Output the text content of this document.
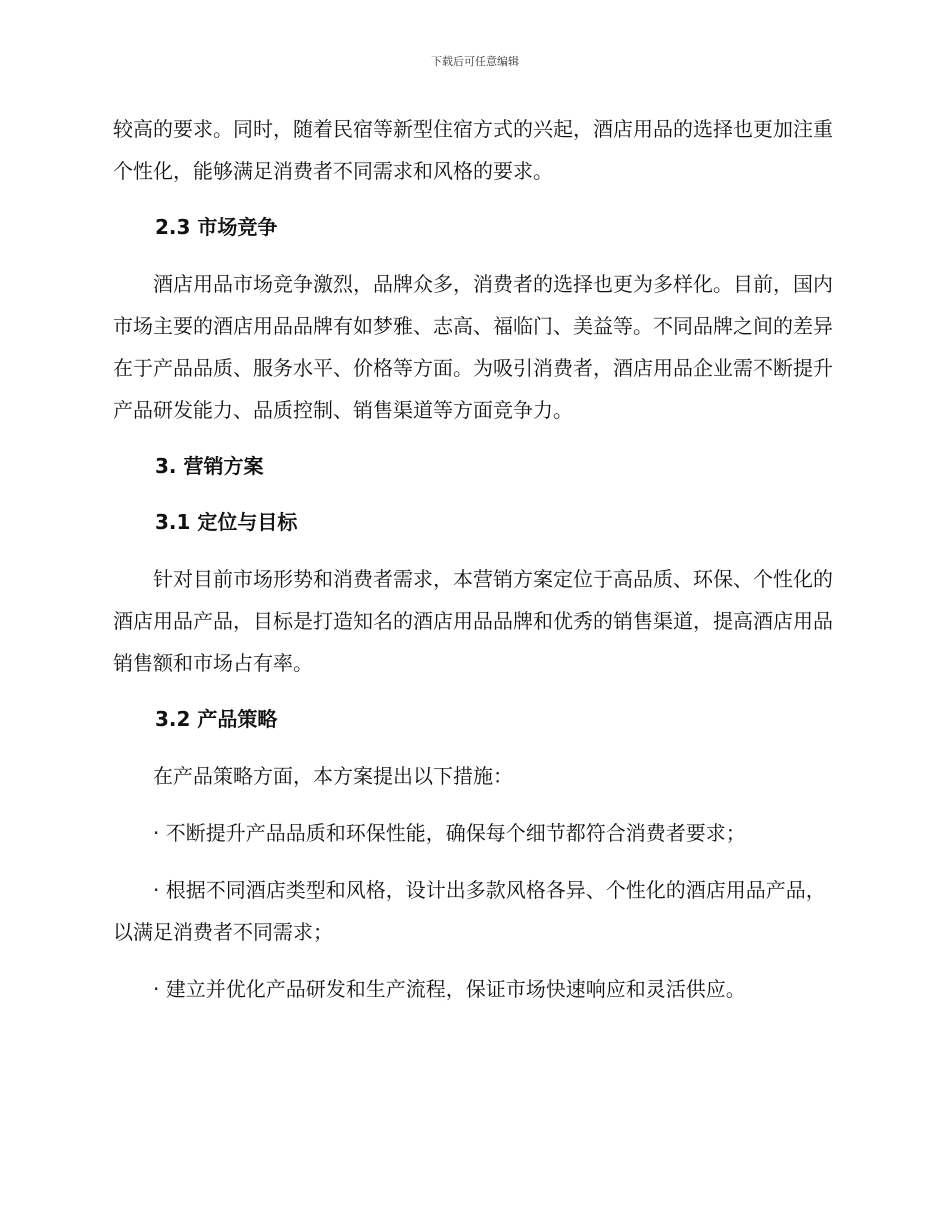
下载后可任意编辑

较高的要求。同时，随着民宿等新型住宿方式的兴起，酒店用品的选择也更加注重个性化，能够满足消费者不同需求和风格的要求。

2.3 市场竞争

酒店用品市场竞争激烈，品牌众多，消费者的选择也更为多样化。目前，国内市场主要的酒店用品品牌有如梦雅、志高、福临门、美益等。不同品牌之间的差异在于产品品质、服务水平、价格等方面。为吸引消费者，酒店用品企业需不断提升产品研发能力、品质控制、销售渠道等方面竞争力。

3. 营销方案

3.1 定位与目标

针对目前市场形势和消费者需求，本营销方案定位于高品质、环保、个性化的酒店用品产品，目标是打造知名的酒店用品品牌和优秀的销售渠道，提高酒店用品销售额和市场占有率。

3.2 产品策略

在产品策略方面，本方案提出以下措施：

· 不断提升产品品质和环保性能，确保每个细节都符合消费者要求；

· 根据不同酒店类型和风格，设计出多款风格各异、个性化的酒店用品产品，以满足消费者不同需求；

· 建立并优化产品研发和生产流程，保证市场快速响应和灵活供应。
